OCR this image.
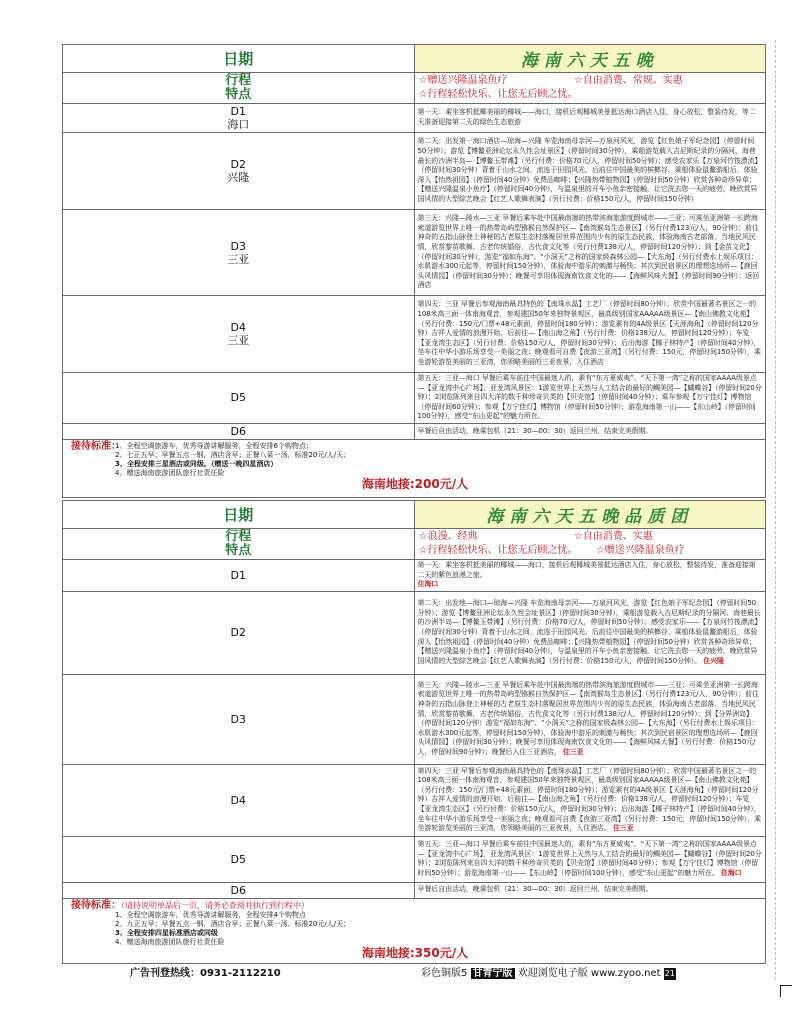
日期	海南六天五晚
行程
特点	☆赠送兴隆温泉鱼疗 ☆自由消费、常规、实惠
☆行程轻松快乐、让您无后顾之忧。
D1
海口	第一天：乘坐客机抵椰美丽的椰城——海口，接机后观椰城美景抵达海口酒店入住，身心放松，整装待发，等二天准备迎接第二天的绿色生态旅游
D2
兴隆	第二天：出发第一海口酒店—琼海—兴隆 车览海南母亲河—万泉河风光，游览【红色娘子军纪念园】（停留时间50分钟）；游览【博鳌亚洲论坛永久性会址景区】（停留时间30分钟），乘船游览载入吉尼斯纪录的分隔河、海巷最长的沙洲半岛—【博鳌玉带滩】（另行付费：价格70元/人，停留时间50分钟）；感受农家乐【万泉河竹筏漂流】（停留时间30分钟）背着于山水之间，流连于田园风光，后前往中国最美的槟榔谷、乘船体验鼠鳌游船后，体验深入【怡然祖园】（停留时间40分钟）免费品咖啡；【兴隆热带植物园】（停留时间50分钟）欣赏各种奇珍异草；【赠送兴隆温泉小鱼疗】（停留时间40分钟），与温泉里的开车小鱼亲密接触，让它洗去您一天的疲劳，晚欣赏异国风情的大型綜艺晚会【红艺人歌舞表演】（另行付费：价格150元/人，停留时间150分钟）
D3
三亚	第三天：兴隆—陵水—三亚 早餐后乘车赴中国最南端的热带滨海旅游度假城市——三亚；可乘坐亚洲第一长跨海索道游览世界上唯一的热带岛屿型猕猴自然保护区—【南湾猴岛生态景区】（另行付费123元/人，90分钟）；前往神奇的五指山脉登上神秘的古老原生态村落聚居世界范围内少有的原生态民族，体验海南古老部落、当地民风民情，欣赏黎苗歌舞，古老传统婚俗，古代食文化等（另行付费138元/人，停留时间120分钟）；到【金苗文化】（停留时间30分钟），游览“福如东海”、“小洞天”之称的国家级森林公园—【大东海】（另行付费水上娱乐项目：水肌游水300元起等，停留时间150分钟），体验海中游乐的刺激与畅快；其次到民宿景区的理想选场所—【鹿回头风情园】（停留时间30分钟）；晚餐可享用体现海南饮食文化的——【海鲜风味大餐】（停留时间90分钟）；返回酒店
D4
三亚	第四天：三亚 早餐后参观海南最具特色的【南珠水晶】工艺厂（停留时间80分钟）；欣赏中国最著名景区之一的108米高三面一体南海观音，参观建国50年来独特景观区，最高级别国家AAAAA级景区—【南山佛教文化苑】（另行付费：150元/门票+48元素面，停留时间180分钟）；游览素有的4A级景区【天涯海角】（停留时间120分钟）吉祥人爱情的浪漫开始，后前往—【南山海之角】（另行付费：价格138元/人，停留时间120分钟）；车览【亚龙湾生态区】（另行付费：价格150元/人，停留时间30分钟）；后出海游【椰子林特产】（停留时间40分钟），坐车往中华小游乐场享受一美丽之夜；晚观看可自费【夜游三亚湾】（另行付费：150元，停留时间150分钟），乘坐游轮游览美丽的三亚湾，您领略美丽的三亚夜景，入住酒店
D5	第五天：三亚—海口 早餐后乘车前往中国最迷人的，素有“东方夏威夷”、“天下第一湾”之称的国家AAAA级景点—【亚龙湾中心广场】，亚龙湾风景区：1游览世界上天然与人工结合的最好的鲷美园—【蝴蝶谷】（停留时间20分钟）；2浏览陈列来自四大洋的数千种珍奇贝类的【贝壳馆】（停留时间40分钟）；乘车参观【万宁佳灯】博物馆（停留时间60分钟）；参观【万宁佳灯】博物馆（停留时间50分钟）；游览海南第一山——【东山岭】（停留时间100分钟），感受“东山更起”的魅力所在。
D6	早餐后自由活动，晚乘包机（21：30—00：30）返回兰州，结束完美假期。
接待标准：
1、全程空调旅游车，优秀导游讲解服务，全程安排6个购物点；
2、七正五早；早餐五点一钢，酒店含早；正餐八菜一汤，标准20元/人/天；
3、全程安排三星酒店或同级。（赠送一晚四星酒店）
4、赠送海南旅游团队旅行社责任险
海南地接:200元/人
日期	海南六天五晚品质团
行程
特点	☆浪漫、经典 ☆自由消费、实惠
☆行程轻松快乐、让您无后顾之忧。 ☆赠送兴隆温泉鱼疗
D1	第一天：乘坐客机抵美丽的椰城——海口，接机后观椰城美景抵达酒店入住，身心放松，整装待发，准备迎接第二天的紫色浪漫之旅。
住海口
D2	第二天：出发地—海口—琼海—兴隆 车览海南母亲河——万泉河风光，游览【红色娘子军纪念园】（停留时间50分钟）；游览【博鳌亚洲论坛永久性会址景区】（停留时间30分钟），乘船游览载入吉尼斯纪录的分隔河、海巷最长的沙洲半岛—【博鳌玉带滩】（另行付费：价格70元/人，停留时间50分钟）；感受农家乐——【万泉河竹筏漂流】（停留时间30分钟）背着于山水之间，流连于田园风光，后前往中国最美的槟榔谷、乘船体验鼠鳌游船后，体验深入【怡然祖园】（停留时间40分钟）免费品咖啡；【兴隆热带植物园】（停留时间50分钟）欣赏各种奇珍异草；【赠送兴隆温泉小鱼疗】（停留时间40分钟），与温泉里的开车小鱼亲密接触，让它洗去您一天的疲劳，晚欣赏异国风情的大型綜艺晚会【红艺人歌舞表演】（另行付费：价格150元/人，停留时间150分钟）。 住兴隆
D3	第三天：兴隆—陵水—三亚 早餐后乘车赴中国最南端的热带滨海旅游度假城市——三亚；可乘坐亚洲第一长跨海索道游览世界上唯一的热带岛屿型猕猴自然保护区—【南湾猴岛生态景区】（另行付费123元/人，90分钟）；前往神奇的五指山脉登上神秘的古老原生态村落聚居世界范围内少有的原生态民族，体验海南古老部落、当地民风民情，欣赏黎苗歌舞，古老传统婚俗，古代食文化等（另行付费138元/人，停留时间120分钟）；到【分界洲岛】（停留时间120分钟）游览“福如东海”、“小洞天”之称的国家级森林公园—【大东海】（另行付费水上娱乐项目：水肌游水300元起等，停留时间150分钟），体验海中游乐的刺激与畅快；其次到民宿景区的理想选场所—【鹿回头风情园】（停留时间30分钟）；晚餐可享用体现海南饮食文化的——【海鲜风味大餐】（另行付费：价格150元/人，停留时间90分钟）；晚餐后入住三亚酒店。 住三亚
D4	第四天：三亚 早餐后参观海南最具特色的【南珠水晶】工艺厂（停留时间80分钟）；欣赏中国最著名景区之一的108米高三面一体南海观音，参观建国50年来独特景观区，最高级别国家AAAAA级景区—【南山佛教文化苑】（另行付费：150元/门票+48元素面，停留时间180分钟）；游览素有的4A级景区【天涯海角】（停留时间120分钟）吉祥人爱情的浪漫开始，后前往—【南山海之角】（另行付费：价格138元/人，停留时间120分钟）；车览【亚龙湾生态区】（另行付费：价格150元/人，停留时间30分钟）；后出海游【椰子林特产】（停留时间40分钟），坐车往中华小游乐场享受一美丽之夜；晚观看可自费【夜游三亚湾】（另行付费：150元，停留时间150分钟），乘坐游轮游览美丽的三亚湾，您领略美丽的三亚夜景，入住酒店。 住三亚
D5	第五天：三亚—海口 早餐后乘车前往中国最迷人的，素有“东方夏威夷”、“天下第一湾”之称的国家AAAA级景点—【亚龙湾中心广场】，亚龙湾风景区：1游览世界上天然与人工结合的最好的鲷美园—【蝴蝶谷】（停留时间20分钟）；2浏览陈列来自四大洋的数千种珍奇贝类的【贝壳馆】（停留时间40分钟）；参观【万宁佳灯】博物馆（停留时间50分钟）；游览海南第一山——【东山岭】（停留时间100分钟），感受“东山更起”的魅力所在。 住海口
D6	早餐后自由活动，晚乘包机（21：30—00：30）返回兰州，结束完美假期。
接待标准：（请持说明单品后一页，请务必查阅并执行到行程中）
1、全程空调旅游车，优秀导游讲解服务，全程安排4个购物点
2、九正五早；早餐五点一钢，酒店含早；正餐八菜一汤、标准20元/人/天；
3、全程安排四星标准酒店或同级
4、赠送海南旅游团队旅行社责任险
海南地接:350元/人
广告刊登热线：0931-2112210	彩色铜版5 甘青宁版 欢迎浏览电子版 www.zyoo.net 21
